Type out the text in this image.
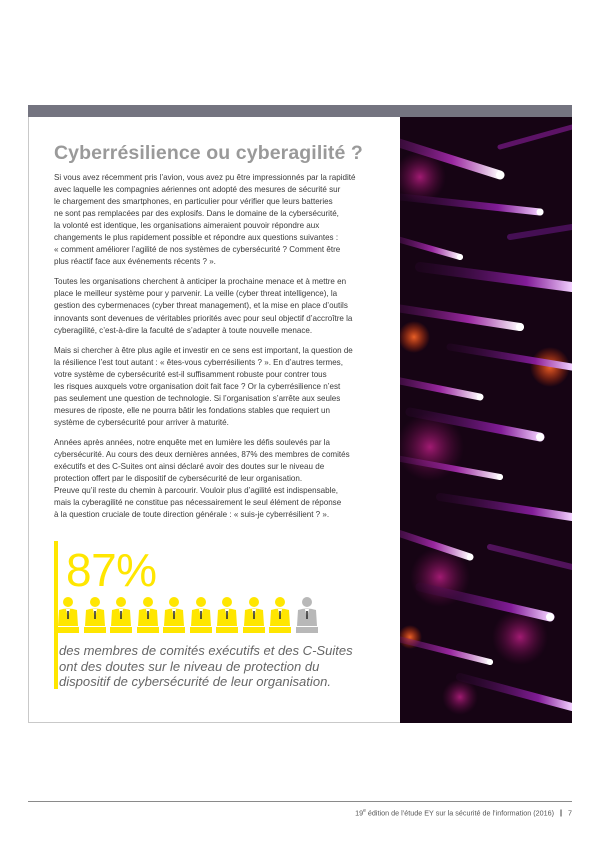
Cyberrésilience ou cyberagilité ?

Si vous avez récemment pris l’avion, vous avez pu être impressionnés par la rapidité
avec laquelle les compagnies aériennes ont adopté des mesures de sécurité sur
le chargement des smartphones, en particulier pour vérifier que leurs batteries
ne sont pas remplacées par des explosifs. Dans le domaine de la cybersécurité,
la volonté est identique, les organisations aimeraient pouvoir répondre aux
changements le plus rapidement possible et répondre aux questions suivantes :
« comment améliorer l’agilité de nos systèmes de cybersécurité ? Comment être
plus réactif face aux événements récents ? ».

Toutes les organisations cherchent à anticiper la prochaine menace et à mettre en
place le meilleur système pour y parvenir. La veille (cyber threat intelligence), la
gestion des cybermenaces (cyber threat management), et la mise en place d’outils
innovants sont devenues de véritables priorités avec pour seul objectif d’accroître la
cyberagilité, c’est-à-dire la faculté de s’adapter à toute nouvelle menace.

Mais si chercher à être plus agile et investir en ce sens est important, la question de
la résilience l’est tout autant : « êtes-vous cyberrésilients ? ». En d’autres termes,
votre système de cybersécurité est-il suffisamment robuste pour contrer tous
les risques auxquels votre organisation doit fait face ? Or la cyberrésilience n’est
pas seulement une question de technologie. Si l’organisation s’arrête aux seules
mesures de riposte, elle ne pourra bâtir les fondations stables que requiert un
système de cybersécurité pour arriver à maturité.

Années après années, notre enquête met en lumière les défis soulevés par la
cybersécurité. Au cours des deux dernières années, 87% des membres de comités
exécutifs et des C-Suites ont ainsi déclaré avoir des doutes sur le niveau de
protection offert par le dispositif de cybersécurité de leur organisation.
Preuve qu’il reste du chemin à parcourir. Vouloir plus d’agilité est indispensable,
mais la cyberagilité ne constitue pas nécessairement le seul élément de réponse
à la question cruciale de toute direction générale : « suis-je cyberrésilient ? ».

87%
des membres de comités exécutifs et des C-Suites
ont des doutes sur le niveau de protection du
dispositif de cybersécurité de leur organisation.
19e édition de l’étude EY sur la sécurité de l’information (2016) | 7
